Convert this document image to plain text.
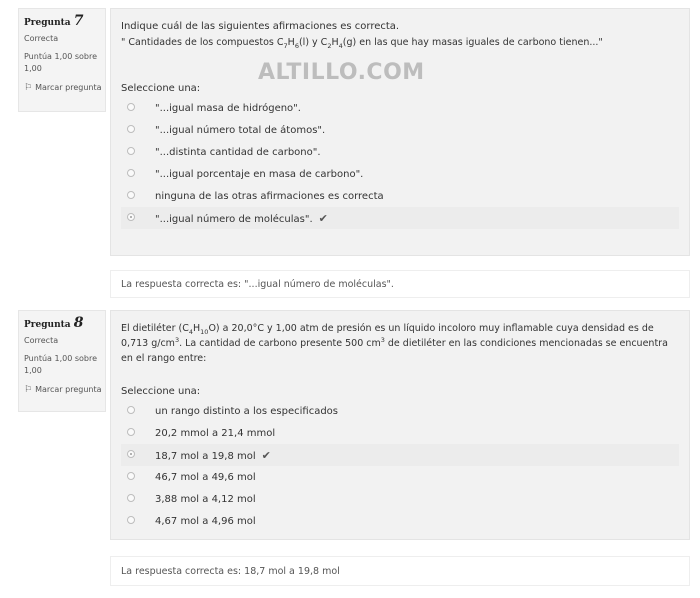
Pregunta 7
Correcta
Puntúa 1,00 sobre 1,00
⚐ Marcar pregunta
Indique cuál de las siguientes afirmaciones es correcta.
" Cantidades de los compuestos $C_7H_6(l)$ y $C_2H_4(g)$ en las que hay masas iguales de carbono tienen..."
Seleccione una:
"...igual masa de hidrógeno".
"...igual número total de átomos".
"...distinta cantidad de carbono".
"...igual porcentaje en masa de carbono".
ninguna de las otras afirmaciones es correcta
"...igual número de moléculas". ✔
ALTILLO.COM
La respuesta correcta es: "...igual número de moléculas".
Pregunta 8
Correcta
Puntúa 1,00 sobre 1,00
⚐ Marcar pregunta
El dietiléter $(C_4H_{10}O)$ a 20,0°C y 1,00 atm de presión es un líquido incoloro muy inflamable cuya densidad es de 0,713 $g/cm^3$. La cantidad de carbono presente 500 $cm^3$ de dietiléter en las condiciones mencionadas se encuentra en el rango entre:
Seleccione una:
un rango distinto a los especificados
20,2 mmol a 21,4 mmol
18,7 mol a 19,8 mol ✔
46,7 mol a 49,6 mol
3,88 mol a 4,12 mol
4,67 mol a 4,96 mol
La respuesta correcta es: 18,7 mol a 19,8 mol
